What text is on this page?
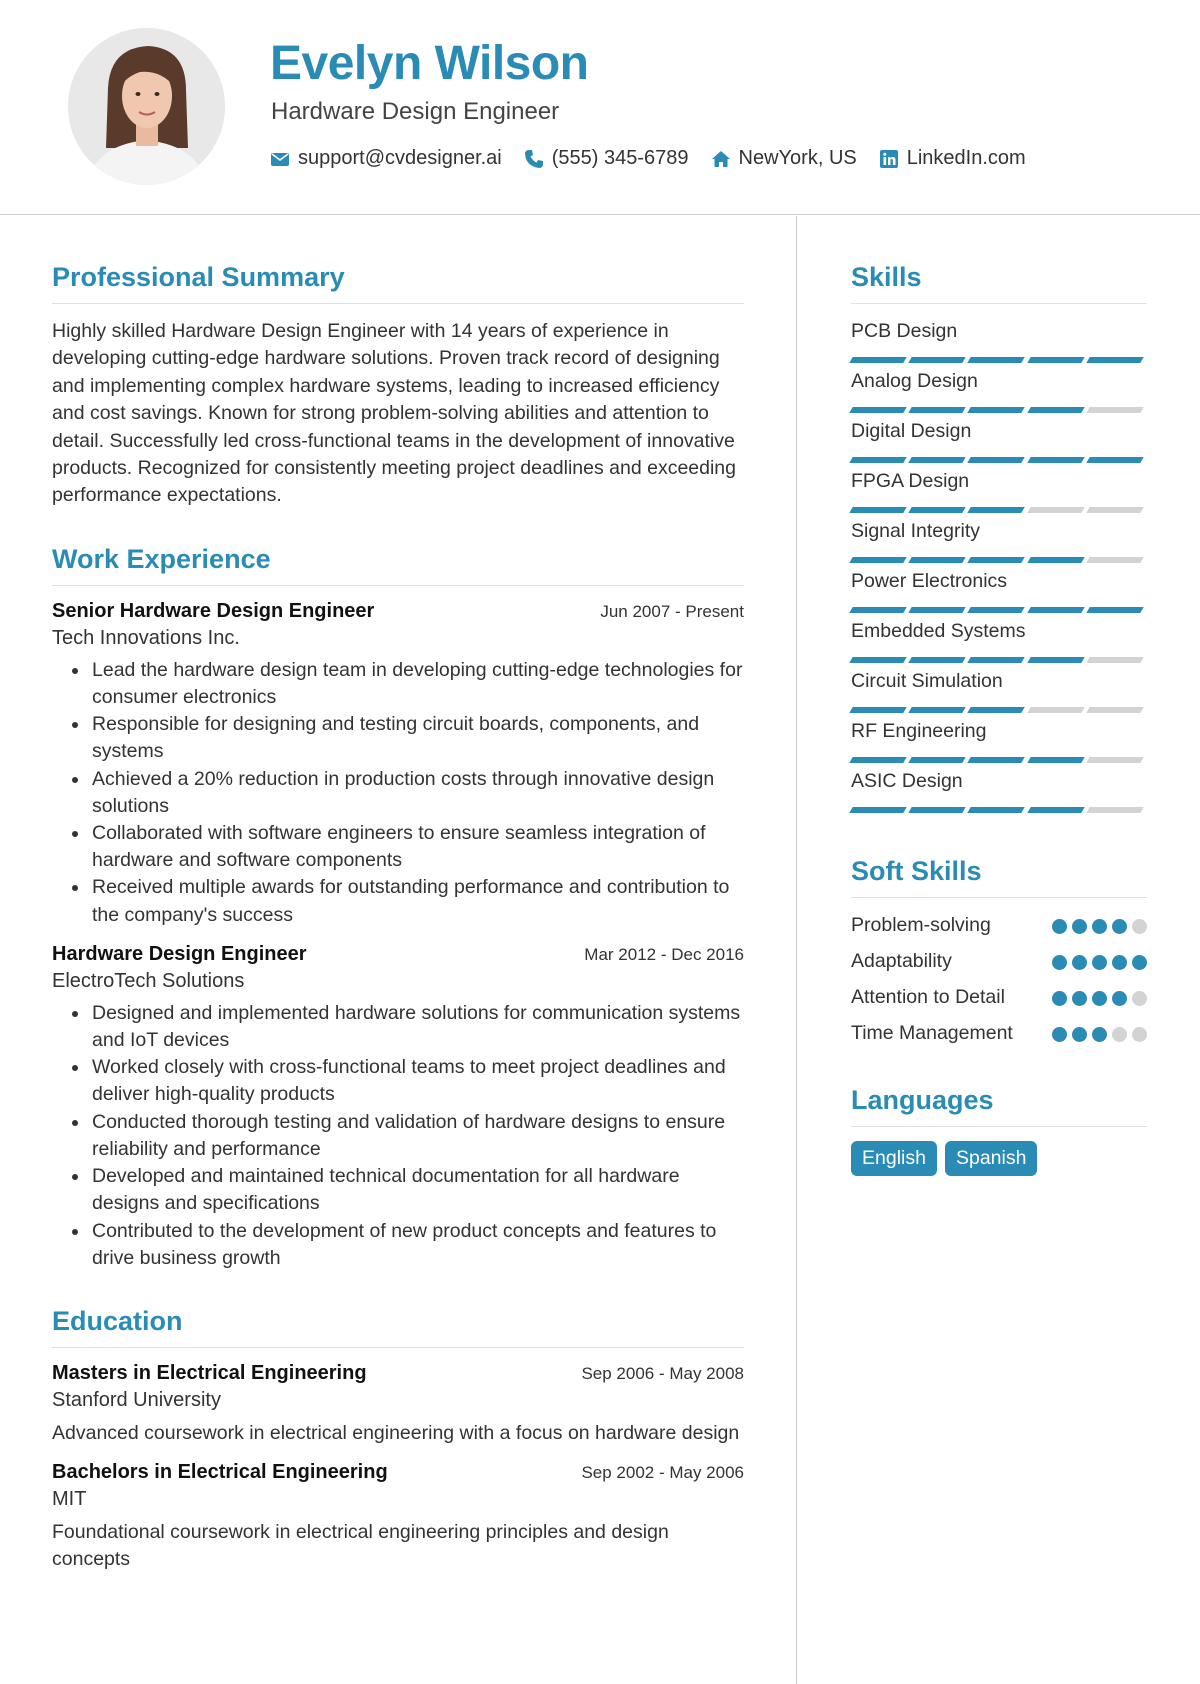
Evelyn Wilson
Hardware Design Engineer
support@cvdesigner.ai	(555) 345-6789	NewYork, US	LinkedIn.com
Professional Summary
Highly skilled Hardware Design Engineer with 14 years of experience in developing cutting-edge hardware solutions. Proven track record of designing and implementing complex hardware systems, leading to increased efficiency and cost savings. Known for strong problem-solving abilities and attention to detail. Successfully led cross-functional teams in the development of innovative products. Recognized for consistently meeting project deadlines and exceeding performance expectations.
Work Experience
Senior Hardware Design Engineer	Jun 2007 - Present
Tech Innovations Inc.
• Lead the hardware design team in developing cutting-edge technologies for consumer electronics
• Responsible for designing and testing circuit boards, components, and systems
• Achieved a 20% reduction in production costs through innovative design solutions
• Collaborated with software engineers to ensure seamless integration of hardware and software components
• Received multiple awards for outstanding performance and contribution to the company's success
Hardware Design Engineer	Mar 2012 - Dec 2016
ElectroTech Solutions
• Designed and implemented hardware solutions for communication systems and IoT devices
• Worked closely with cross-functional teams to meet project deadlines and deliver high-quality products
• Conducted thorough testing and validation of hardware designs to ensure reliability and performance
• Developed and maintained technical documentation for all hardware designs and specifications
• Contributed to the development of new product concepts and features to drive business growth
Education
Masters in Electrical Engineering	Sep 2006 - May 2008
Stanford University
Advanced coursework in electrical engineering with a focus on hardware design
Bachelors in Electrical Engineering	Sep 2002 - May 2006
MIT
Foundational coursework in electrical engineering principles and design concepts
Skills
PCB Design
Analog Design
Digital Design
FPGA Design
Signal Integrity
Power Electronics
Embedded Systems
Circuit Simulation
RF Engineering
ASIC Design
Soft Skills
Problem-solving
Adaptability
Attention to Detail
Time Management
Languages
English	Spanish
